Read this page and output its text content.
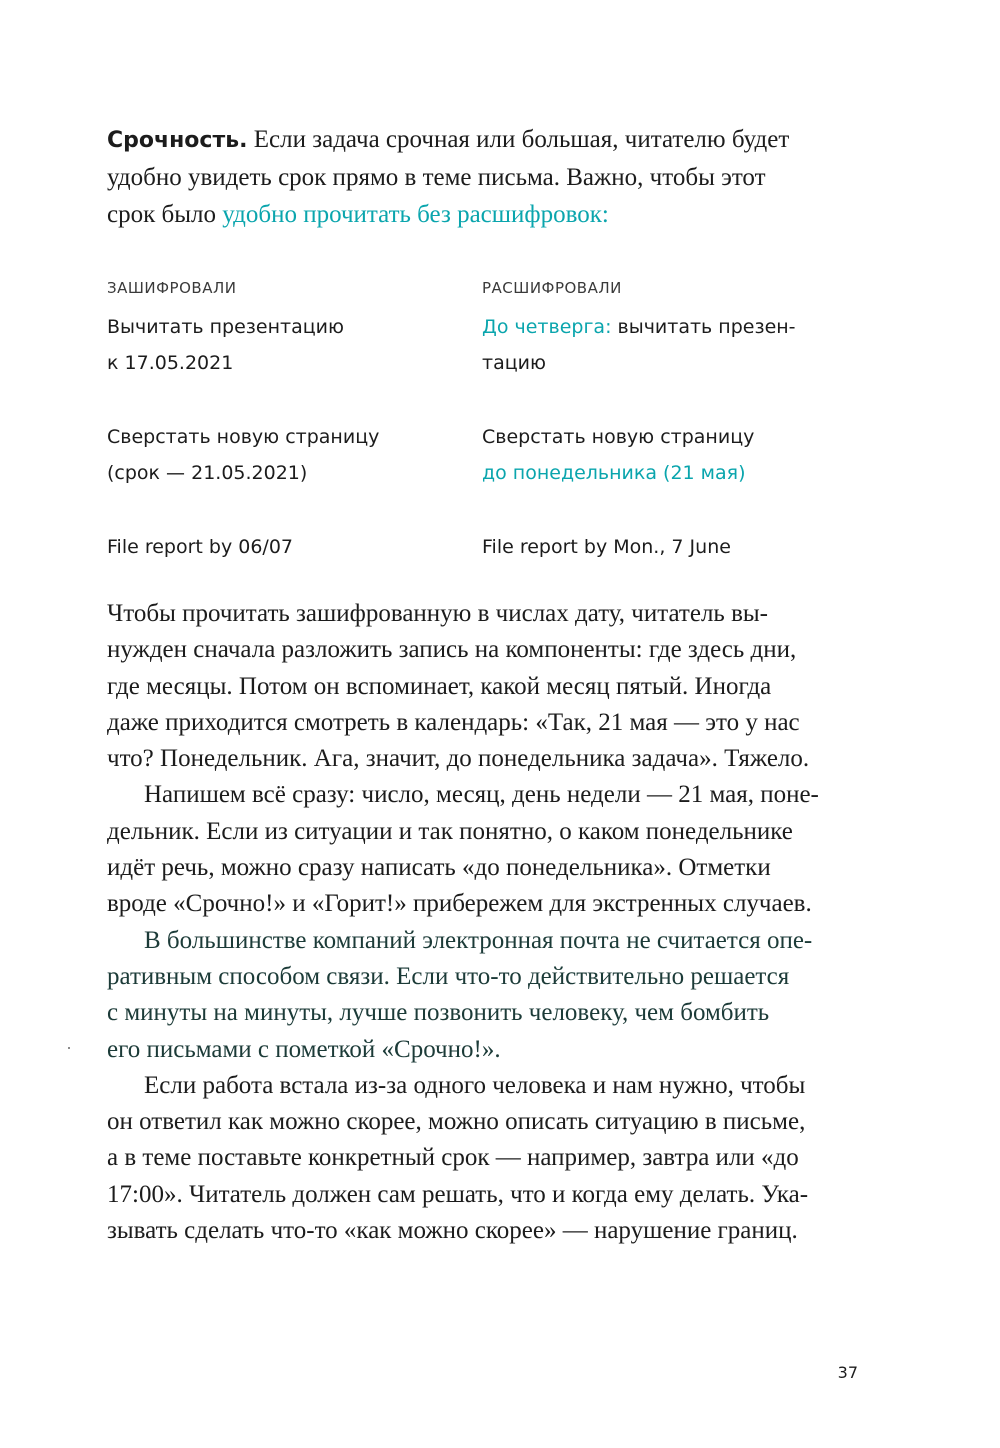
Срочность. Если задача срочная или большая, читателю будет
удобно увидеть срок прямо в теме письма. Важно, чтобы этот
срок было удобно прочитать без расшифровок:

ЗАШИФРОВАЛИ

Вычитать презентацию
к 17.05.2021

Сверстать новую страницу
(срок — 21.05.2021)

File report by 06/07

РАСШИФРОВАЛИ

До четверга: вычитать презен-
тацию

Сверстать новую страницу
до понедельника (21 мая)

File report by Mon., 7 June

Чтобы прочитать зашифрованную в числах дату, читатель вы-
нужден сначала разложить запись на компоненты: где здесь дни,
где месяцы. Потом он вспоминает, какой месяц пятый. Иногда
даже приходится смотреть в календарь: «Так, 21 мая — это у нас
что? Понедельник. Ага, значит, до понедельника задача». Тяжело.

Напишем всё сразу: число, месяц, день недели — 21 мая, поне-
дельник. Если из ситуации и так понятно, о каком понедельнике
идёт речь, можно сразу написать «до понедельника». Отметки
вроде «Срочно!» и «Горит!» прибережем для экстренных случаев.

В большинстве компаний электронная почта не считается опе-
ративным способом связи. Если что-то действительно решается
с минуты на минуты, лучше позвонить человеку, чем бомбить
его письмами с пометкой «Срочно!».

Если работа встала из-за одного человека и нам нужно, чтобы
он ответил как можно скорее, можно описать ситуацию в письме,
а в теме поставьте конкретный срок — например, завтра или «до
17:00». Читатель должен сам решать, что и когда ему делать. Ука-
зывать сделать что-то «как можно скорее» — нарушение границ.

37
